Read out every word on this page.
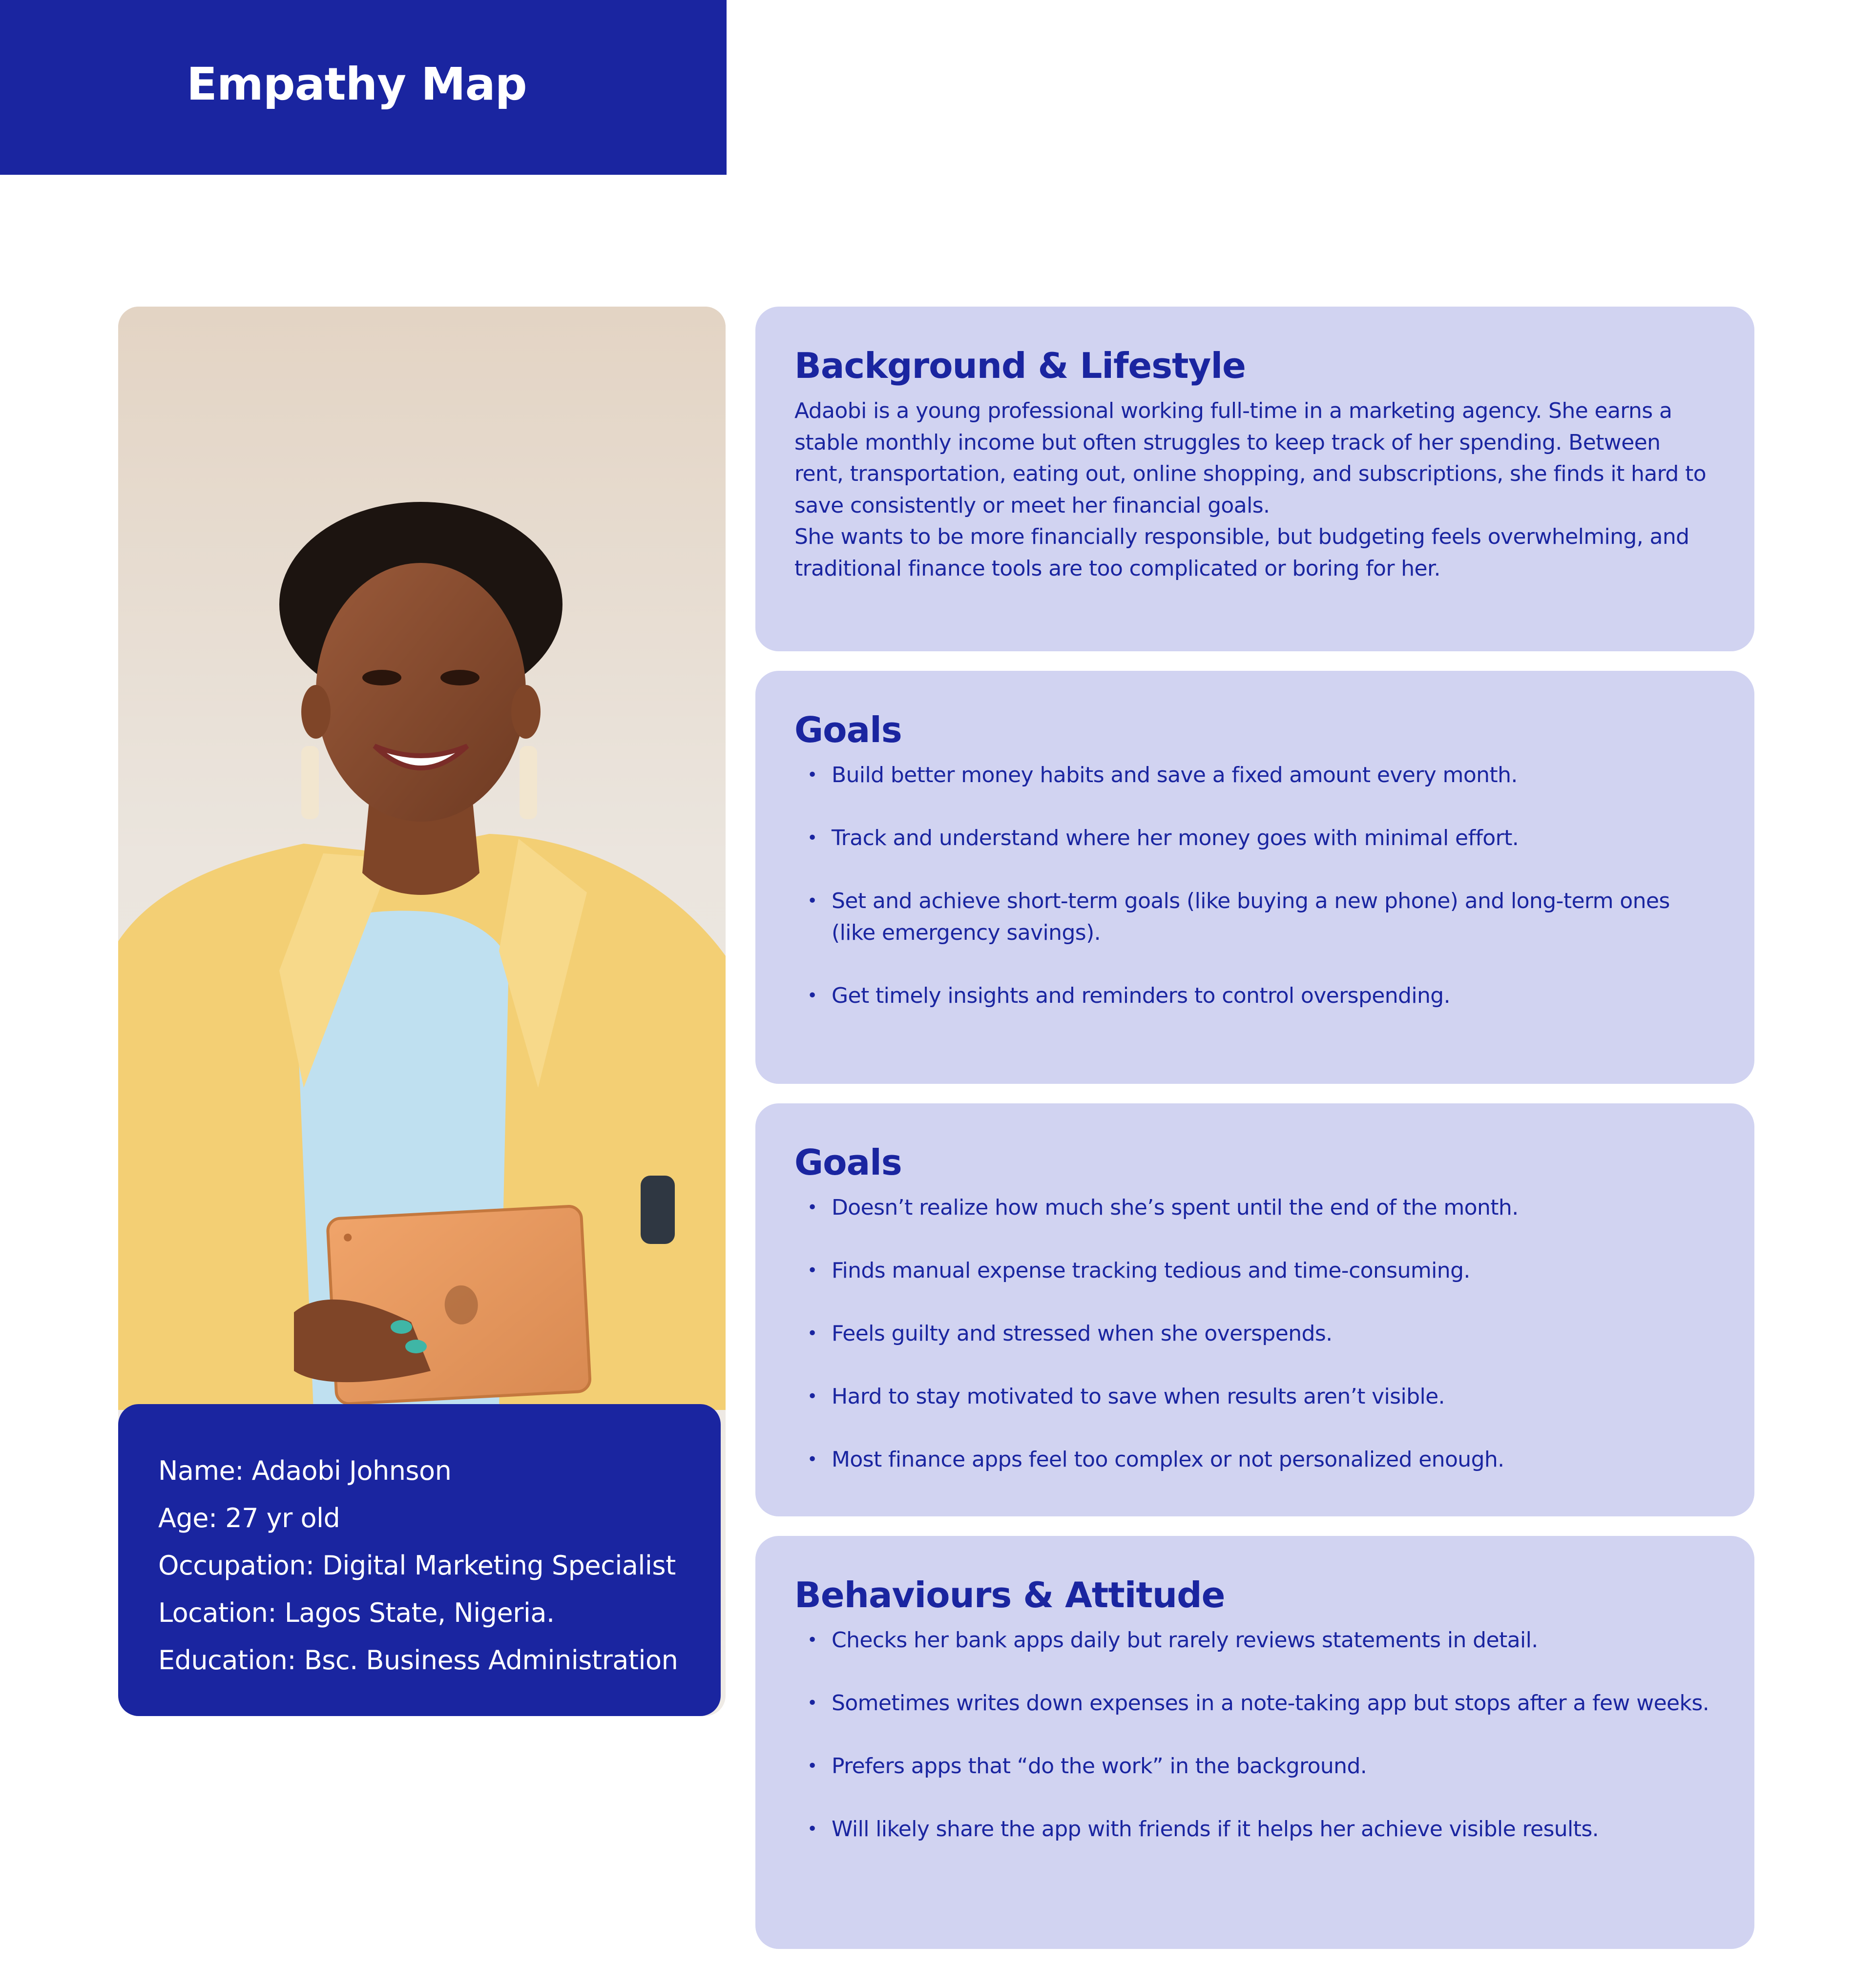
Empathy Map
Name: Adaobi Johnson
Age: 27 yr old
Occupation: Digital Marketing Specialist
Location: Lagos State, Nigeria.
Education: Bsc. Business Administration
Background & Lifestyle

Adaobi is a young professional working full-time in a marketing agency. She earns a stable monthly income but often struggles to keep track of her spending. Between rent, transportation, eating out, online shopping, and subscriptions, she finds it hard to save consistently or meet her financial goals.

She wants to be more financially responsible, but budgeting feels overwhelming, and traditional finance tools are too complicated or boring for her.

Goals
• Build better money habits and save a fixed amount every month.
• Track and understand where her money goes with minimal effort.
• Set and achieve short-term goals (like buying a new phone) and long-term ones (like emergency savings).
• Get timely insights and reminders to control overspending.
Goals
• Doesn’t realize how much she’s spent until the end of the month.
• Finds manual expense tracking tedious and time-consuming.
• Feels guilty and stressed when she overspends.
• Hard to stay motivated to save when results aren’t visible.
• Most finance apps feel too complex or not personalized enough.
Behaviours & Attitude
• Checks her bank apps daily but rarely reviews statements in detail.
• Sometimes writes down expenses in a note-taking app but stops after a few weeks.
• Prefers apps that “do the work” in the background.
• Will likely share the app with friends if it helps her achieve visible results.
